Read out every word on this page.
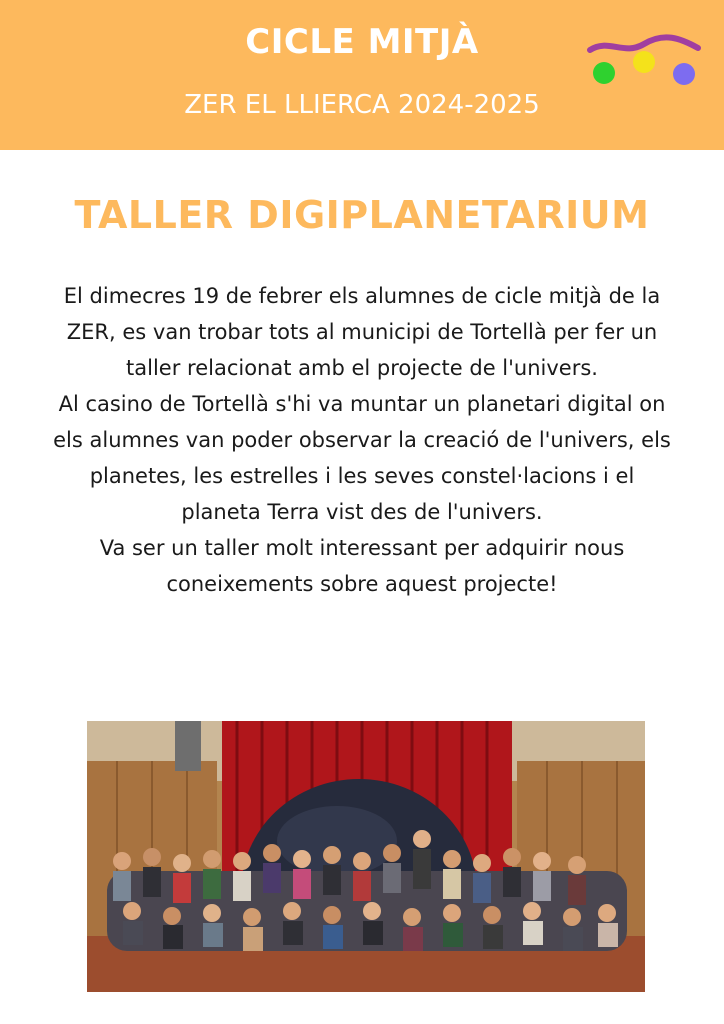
CICLE MITJÀ
ZER EL LLIERCA 2024-2025
TALLER DIGIPLANETARIUM

El dimecres 19 de febrer els alumnes de cicle mitjà de la ZER, es van trobar tots al municipi de Tortellà per fer un taller relacionat amb el projecte de l'univers.

Al casino de Tortellà s'hi va muntar un planetari digital on els alumnes van poder observar la creació de l'univers, els planetes, les estrelles i les seves constel·lacions i el planeta Terra vist des de l'univers.

Va ser un taller molt interessant per adquirir nous coneixements sobre aquest projecte!
